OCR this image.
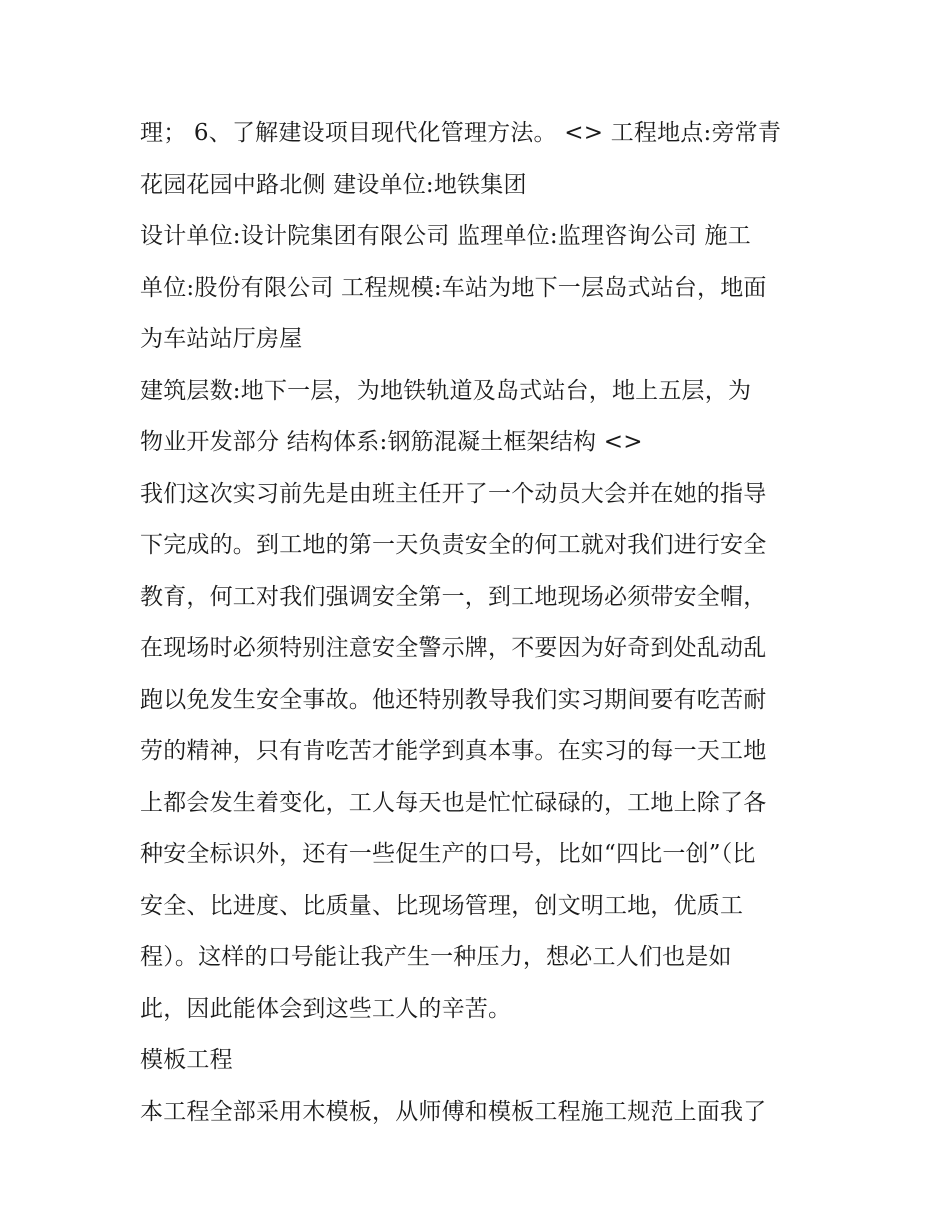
理； 6、了解建设项目现代化管理方法。 <> 工程地点:旁常青
花园花园中路北侧 建设单位:地铁集团
设计单位:设计院集团有限公司 监理单位:监理咨询公司 施工
单位:股份有限公司 工程规模:车站为地下一层岛式站台，地面
为车站站厅房屋
建筑层数:地下一层，为地铁轨道及岛式站台，地上五层，为
物业开发部分 结构体系:钢筋混凝土框架结构 <>
我们这次实习前先是由班主任开了一个动员大会并在她的指导
下完成的。到工地的第一天负责安全的何工就对我们进行安全
教育，何工对我们强调安全第一，到工地现场必须带安全帽，
在现场时必须特别注意安全警示牌，不要因为好奇到处乱动乱
跑以免发生安全事故。他还特别教导我们实习期间要有吃苦耐
劳的精神，只有肯吃苦才能学到真本事。在实习的每一天工地
上都会发生着变化，工人每天也是忙忙碌碌的，工地上除了各
种安全标识外，还有一些促生产的口号，比如“四比一创”（比
安全、比进度、比质量、比现场管理，创文明工地，优质工
程）。这样的口号能让我产生一种压力，想必工人们也是如
此，因此能体会到这些工人的辛苦。
模板工程
本工程全部采用木模板，从师傅和模板工程施工规范上面我了
